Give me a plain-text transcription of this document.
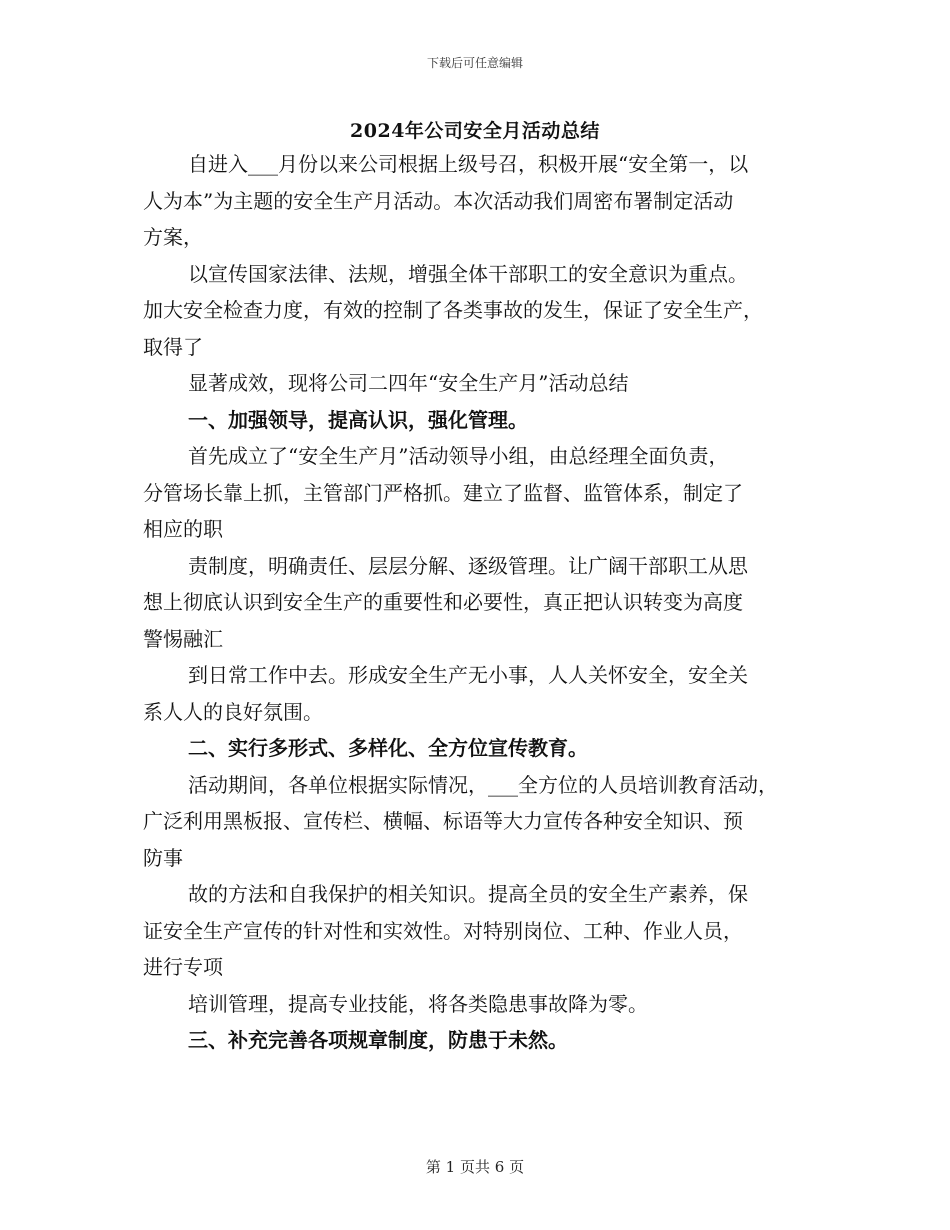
下载后可任意编辑
2024年公司安全月活动总结
自进入___月份以来公司根据上级号召，积极开展“安全第一，以
人为本”为主题的安全生产月活动。本次活动我们周密布署制定活动
方案，
以宣传国家法律、法规，增强全体干部职工的安全意识为重点。
加大安全检查力度，有效的控制了各类事故的发生，保证了安全生产，
取得了
显著成效，现将公司二四年“安全生产月”活动总结
一、加强领导，提高认识，强化管理。
首先成立了“安全生产月”活动领导小组，由总经理全面负责，
分管场长靠上抓，主管部门严格抓。建立了监督、监管体系，制定了
相应的职
责制度，明确责任、层层分解、逐级管理。让广阔干部职工从思
想上彻底认识到安全生产的重要性和必要性，真正把认识转变为高度
警惕融汇
到日常工作中去。形成安全生产无小事，人人关怀安全，安全关
系人人的良好氛围。
二、实行多形式、多样化、全方位宣传教育。
活动期间，各单位根据实际情况，___全方位的人员培训教育活动，
广泛利用黑板报、宣传栏、横幅、标语等大力宣传各种安全知识、预
防事
故的方法和自我保护的相关知识。提高全员的安全生产素养，保
证安全生产宣传的针对性和实效性。对特别岗位、工种、作业人员，
进行专项
培训管理，提高专业技能，将各类隐患事故降为零。
三、补充完善各项规章制度，防患于未然。
第 1 页共 6 页
